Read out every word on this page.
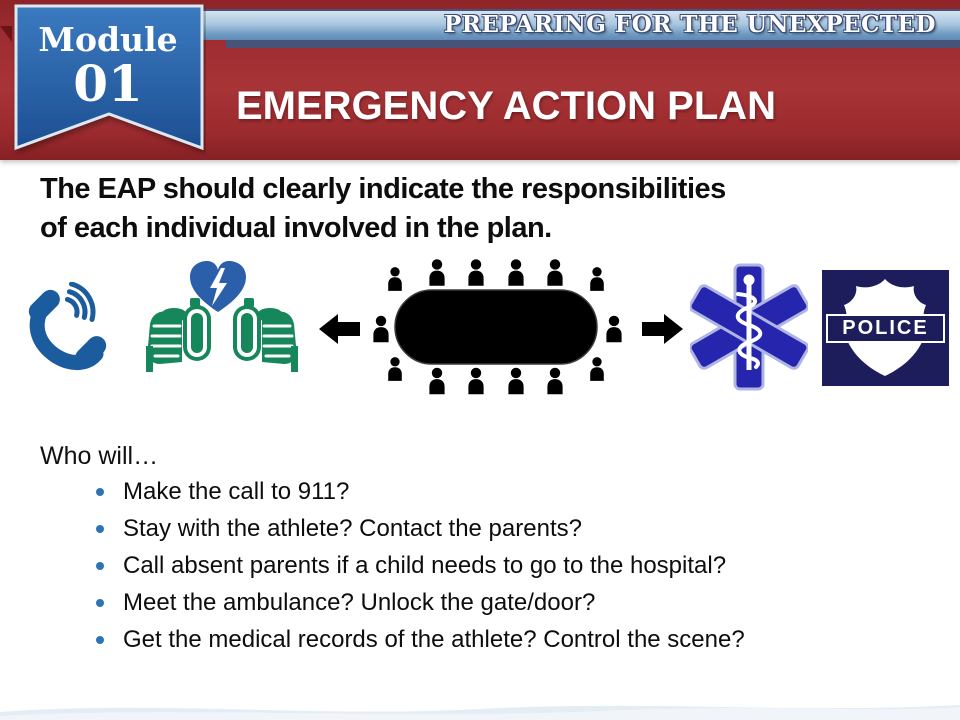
PREPARING FOR THE UNEXPECTED
EMERGENCY ACTION PLAN
Module
01
The EAP should clearly indicate the responsibilities
of each individual involved in the plan.
POLICE
Who will…
Make the call to 911?
Stay with the athlete? Contact the parents?
Call absent parents if a child needs to go to the hospital?
Meet the ambulance? Unlock the gate/door?
Get the medical records of the athlete? Control the scene?
